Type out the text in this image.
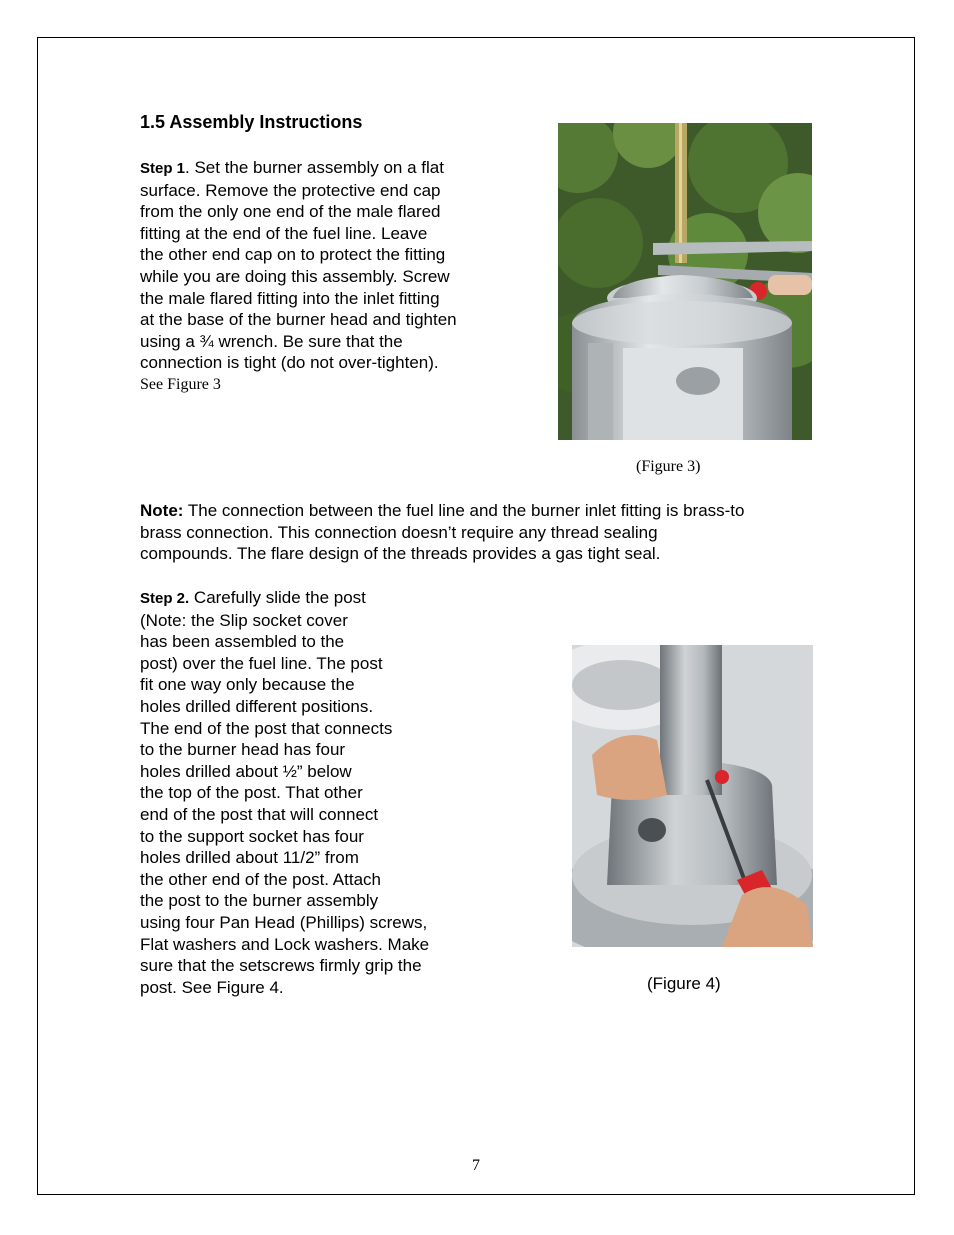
1.5 Assembly Instructions
Step 1. Set the burner assembly on a flat
surface. Remove the protective end cap
from the only one end of the male flared
fitting at the end of the fuel line. Leave
the other end cap on to protect the fitting
while you are doing this assembly. Screw
the male flared fitting into the inlet fitting
at the base of the burner head and tighten
using a ¾ wrench. Be sure that the
connection is tight (do not over-tighten).
See Figure 3
(Figure 3)
Note: The connection between the fuel line and the burner inlet fitting is brass-to
brass connection. This connection doesn’t require any thread sealing
compounds. The flare design of the threads provides a gas tight seal.
Step 2. Carefully slide the post
(Note: the Slip socket cover
has been assembled to the
post) over the fuel line. The post
fit one way only because the
holes drilled different positions.
The end of the post that connects
to the burner head has four
holes drilled about ½” below
the top of the post. That other
end of the post that will connect
to the support socket has four
holes drilled about 11/2” from
the other end of the post. Attach
the post to the burner assembly
using four Pan Head (Phillips) screws,
Flat washers and Lock washers. Make
sure that the setscrews firmly grip the
post. See Figure 4.	(Figure 4)
7
